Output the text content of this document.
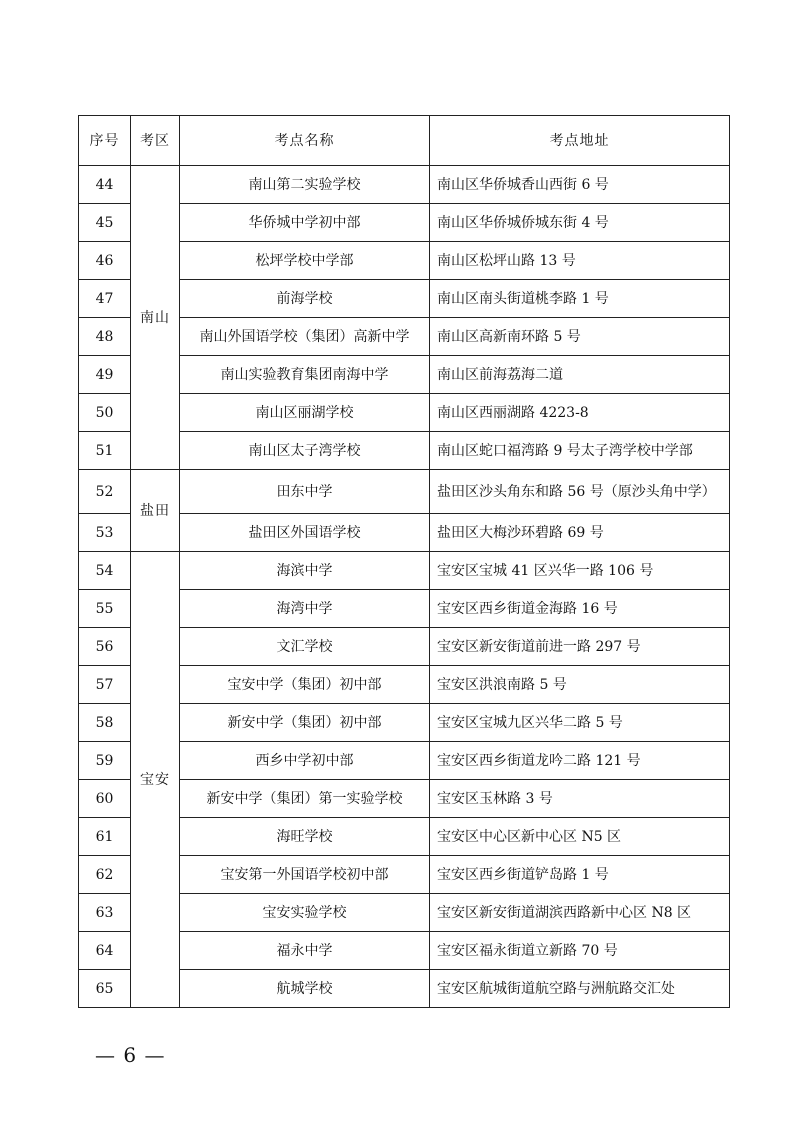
序号	考区	考点名称	考点地址
44	南山	南山第二实验学校	南山区华侨城香山西街 6 号
45		华侨城中学初中部	南山区华侨城侨城东街 4 号
46		松坪学校中学部	南山区松坪山路 13 号
47		前海学校	南山区南头街道桃李路 1 号
48		南山外国语学校（集团）高新中学	南山区高新南环路 5 号
49		南山实验教育集团南海中学	南山区前海荔海二道
50		南山区丽湖学校	南山区西丽湖路 4223-8
51		南山区太子湾学校	南山区蛇口福湾路 9 号太子湾学校中学部
52	盐田	田东中学	盐田区沙头角东和路 56 号（原沙头角中学）
53		盐田区外国语学校	盐田区大梅沙环碧路 69 号
54	宝安	海滨中学	宝安区宝城 41 区兴华一路 106 号
55		海湾中学	宝安区西乡街道金海路 16 号
56		文汇学校	宝安区新安街道前进一路 297 号
57		宝安中学（集团）初中部	宝安区洪浪南路 5 号
58		新安中学（集团）初中部	宝安区宝城九区兴华二路 5 号
59		西乡中学初中部	宝安区西乡街道龙吟二路 121 号
60		新安中学（集团）第一实验学校	宝安区玉林路 3 号
61		海旺学校	宝安区中心区新中心区 N5 区
62		宝安第一外国语学校初中部	宝安区西乡街道铲岛路 1 号
63		宝安实验学校	宝安区新安街道湖滨西路新中心区 N8 区
64		福永中学	宝安区福永街道立新路 70 号
65		航城学校	宝安区航城街道航空路与洲航路交汇处
— 6 —
